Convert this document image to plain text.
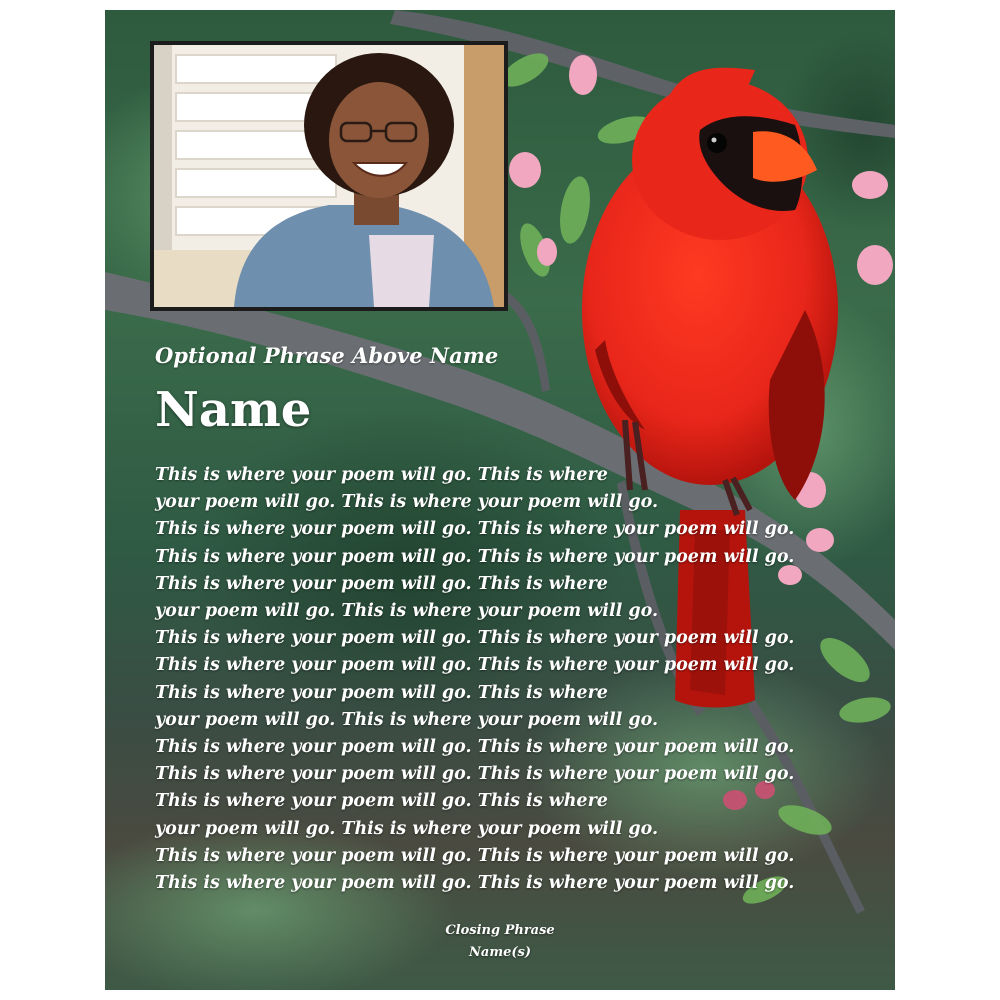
Optional Phrase Above Name
Name
This is where your poem will go. This is where
your poem will go. This is where your poem will go.
This is where your poem will go. This is where your poem will go.
This is where your poem will go. This is where your poem will go.
This is where your poem will go. This is where
your poem will go. This is where your poem will go.
This is where your poem will go. This is where your poem will go.
This is where your poem will go. This is where your poem will go.
This is where your poem will go. This is where
your poem will go. This is where your poem will go.
This is where your poem will go. This is where your poem will go.
This is where your poem will go. This is where your poem will go.
This is where your poem will go. This is where
your poem will go. This is where your poem will go.
This is where your poem will go. This is where your poem will go.
This is where your poem will go. This is where your poem will go.
Closing Phrase
Name(s)
